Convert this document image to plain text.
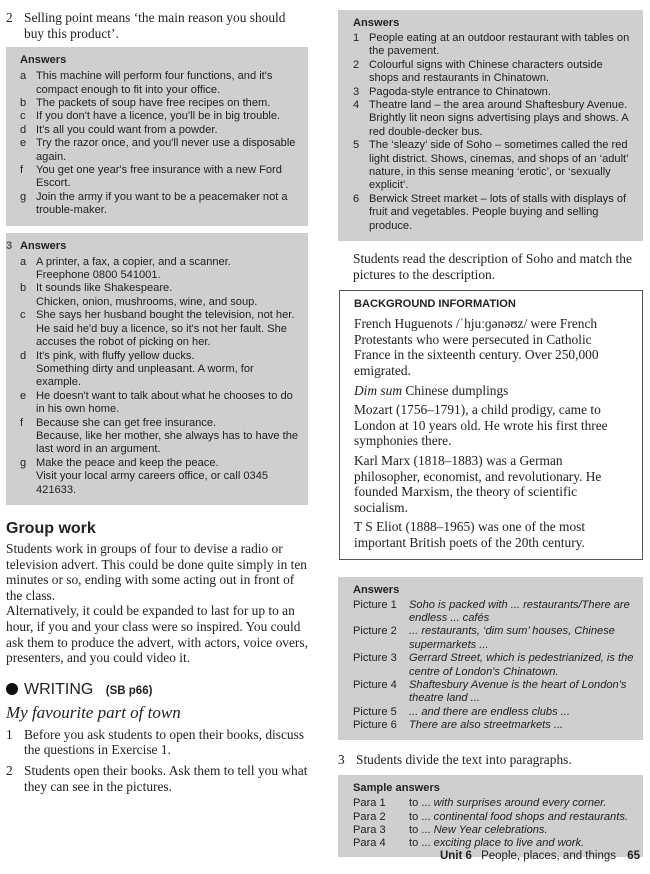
2 Selling point means ‘the main reason you should buy this product’.
Answers
a This machine will perform four functions, and it's compact enough to fit into your office.
b The packets of soup have free recipes on them.
c If you don't have a licence, you'll be in big trouble.
d It's all you could want from a powder.
e Try the razor once, and you'll never use a disposable again.
f	You get one year's free insurance with a new Ford Escort.
g Join the army if you want to be a peacemaker not a trouble-maker.
3 Answers
a A printer, a fax, a copier, and a scanner.
Freephone 0800 541001.
b It sounds like Shakespeare.
Chicken, onion, mushrooms, wine, and soup.
c She says her husband bought the television, not her. He said he'd buy a licence, so it's not her fault. She accuses the robot of picking on her.
d It's pink, with fluffy yellow ducks.
Something dirty and unpleasant. A worm, for example.
e He doesn't want to talk about what he chooses to do in his own home.
f	Because she can get free insurance.
Because, like her mother, she always has to have the last word in an argument.
g Make the peace and keep the peace.
Visit your local army careers office, or call 0345 421633.
Group work
Students work in groups of four to devise a radio or television advert. This could be done quite simply in ten minutes or so, ending with some acting out in front of the class.
Alternatively, it could be expanded to last for up to an hour, if you and your class were so inspired. You could ask them to produce the advert, with actors, voice overs, presenters, and you could video it.
WRITING (SB p66)
My favourite part of town
1 Before you ask students to open their books, discuss the questions in Exercise 1.
2 Students open their books. Ask them to tell you what they can see in the pictures.
Answers
1 People eating at an outdoor restaurant with tables on the pavement.
2 Colourful signs with Chinese characters outside shops and restaurants in Chinatown.
3 Pagoda-style entrance to Chinatown.
4 Theatre land – the area around Shaftesbury Avenue. Brightly lit neon signs advertising plays and shows. A red double-decker bus.
5 The ‘sleazy’ side of Soho – sometimes called the red light district. Shows, cinemas, and shops of an ‘adult’ nature, in this sense meaning ‘erotic’, or ‘sexually explicit’.
6 Berwick Street market – lots of stalls with displays of fruit and vegetables. People buying and selling produce.
Students read the description of Soho and match the pictures to the description.
BACKGROUND INFORMATION
French Huguenots /ˈhjuːɡənəʊz/ were French Protestants who were persecuted in Catholic France in the sixteenth century. Over 250,000 emigrated.
Dim sum Chinese dumplings
Mozart (1756–1791), a child prodigy, came to London at 10 years old. He wrote his first three symphonies there.
Karl Marx (1818–1883) was a German philosopher, economist, and revolutionary. He founded Marxism, the theory of scientific socialism.
T S Eliot (1888–1965) was one of the most important British poets of the 20th century.
Answers
Picture 1	Soho is packed with ... restaurants/There are endless ... cafés
Picture 2	... restaurants, ‘dim sum’ houses, Chinese supermarkets ...
Picture 3	Gerrard Street, which is pedestrianized, is the centre of London's Chinatown.
Picture 4	Shaftesbury Avenue is the heart of London's theatre land ...
Picture 5	... and there are endless clubs ...
Picture 6	There are also streetmarkets ...
3 Students divide the text into paragraphs.
Sample answers
Para 1	to ... with surprises around every corner.
Para 2	to ... continental food shops and restaurants.
Para 3	to ... New Year celebrations.
Para 4	to ... exciting place to live and work.
Unit 6 People, places, and things 65
